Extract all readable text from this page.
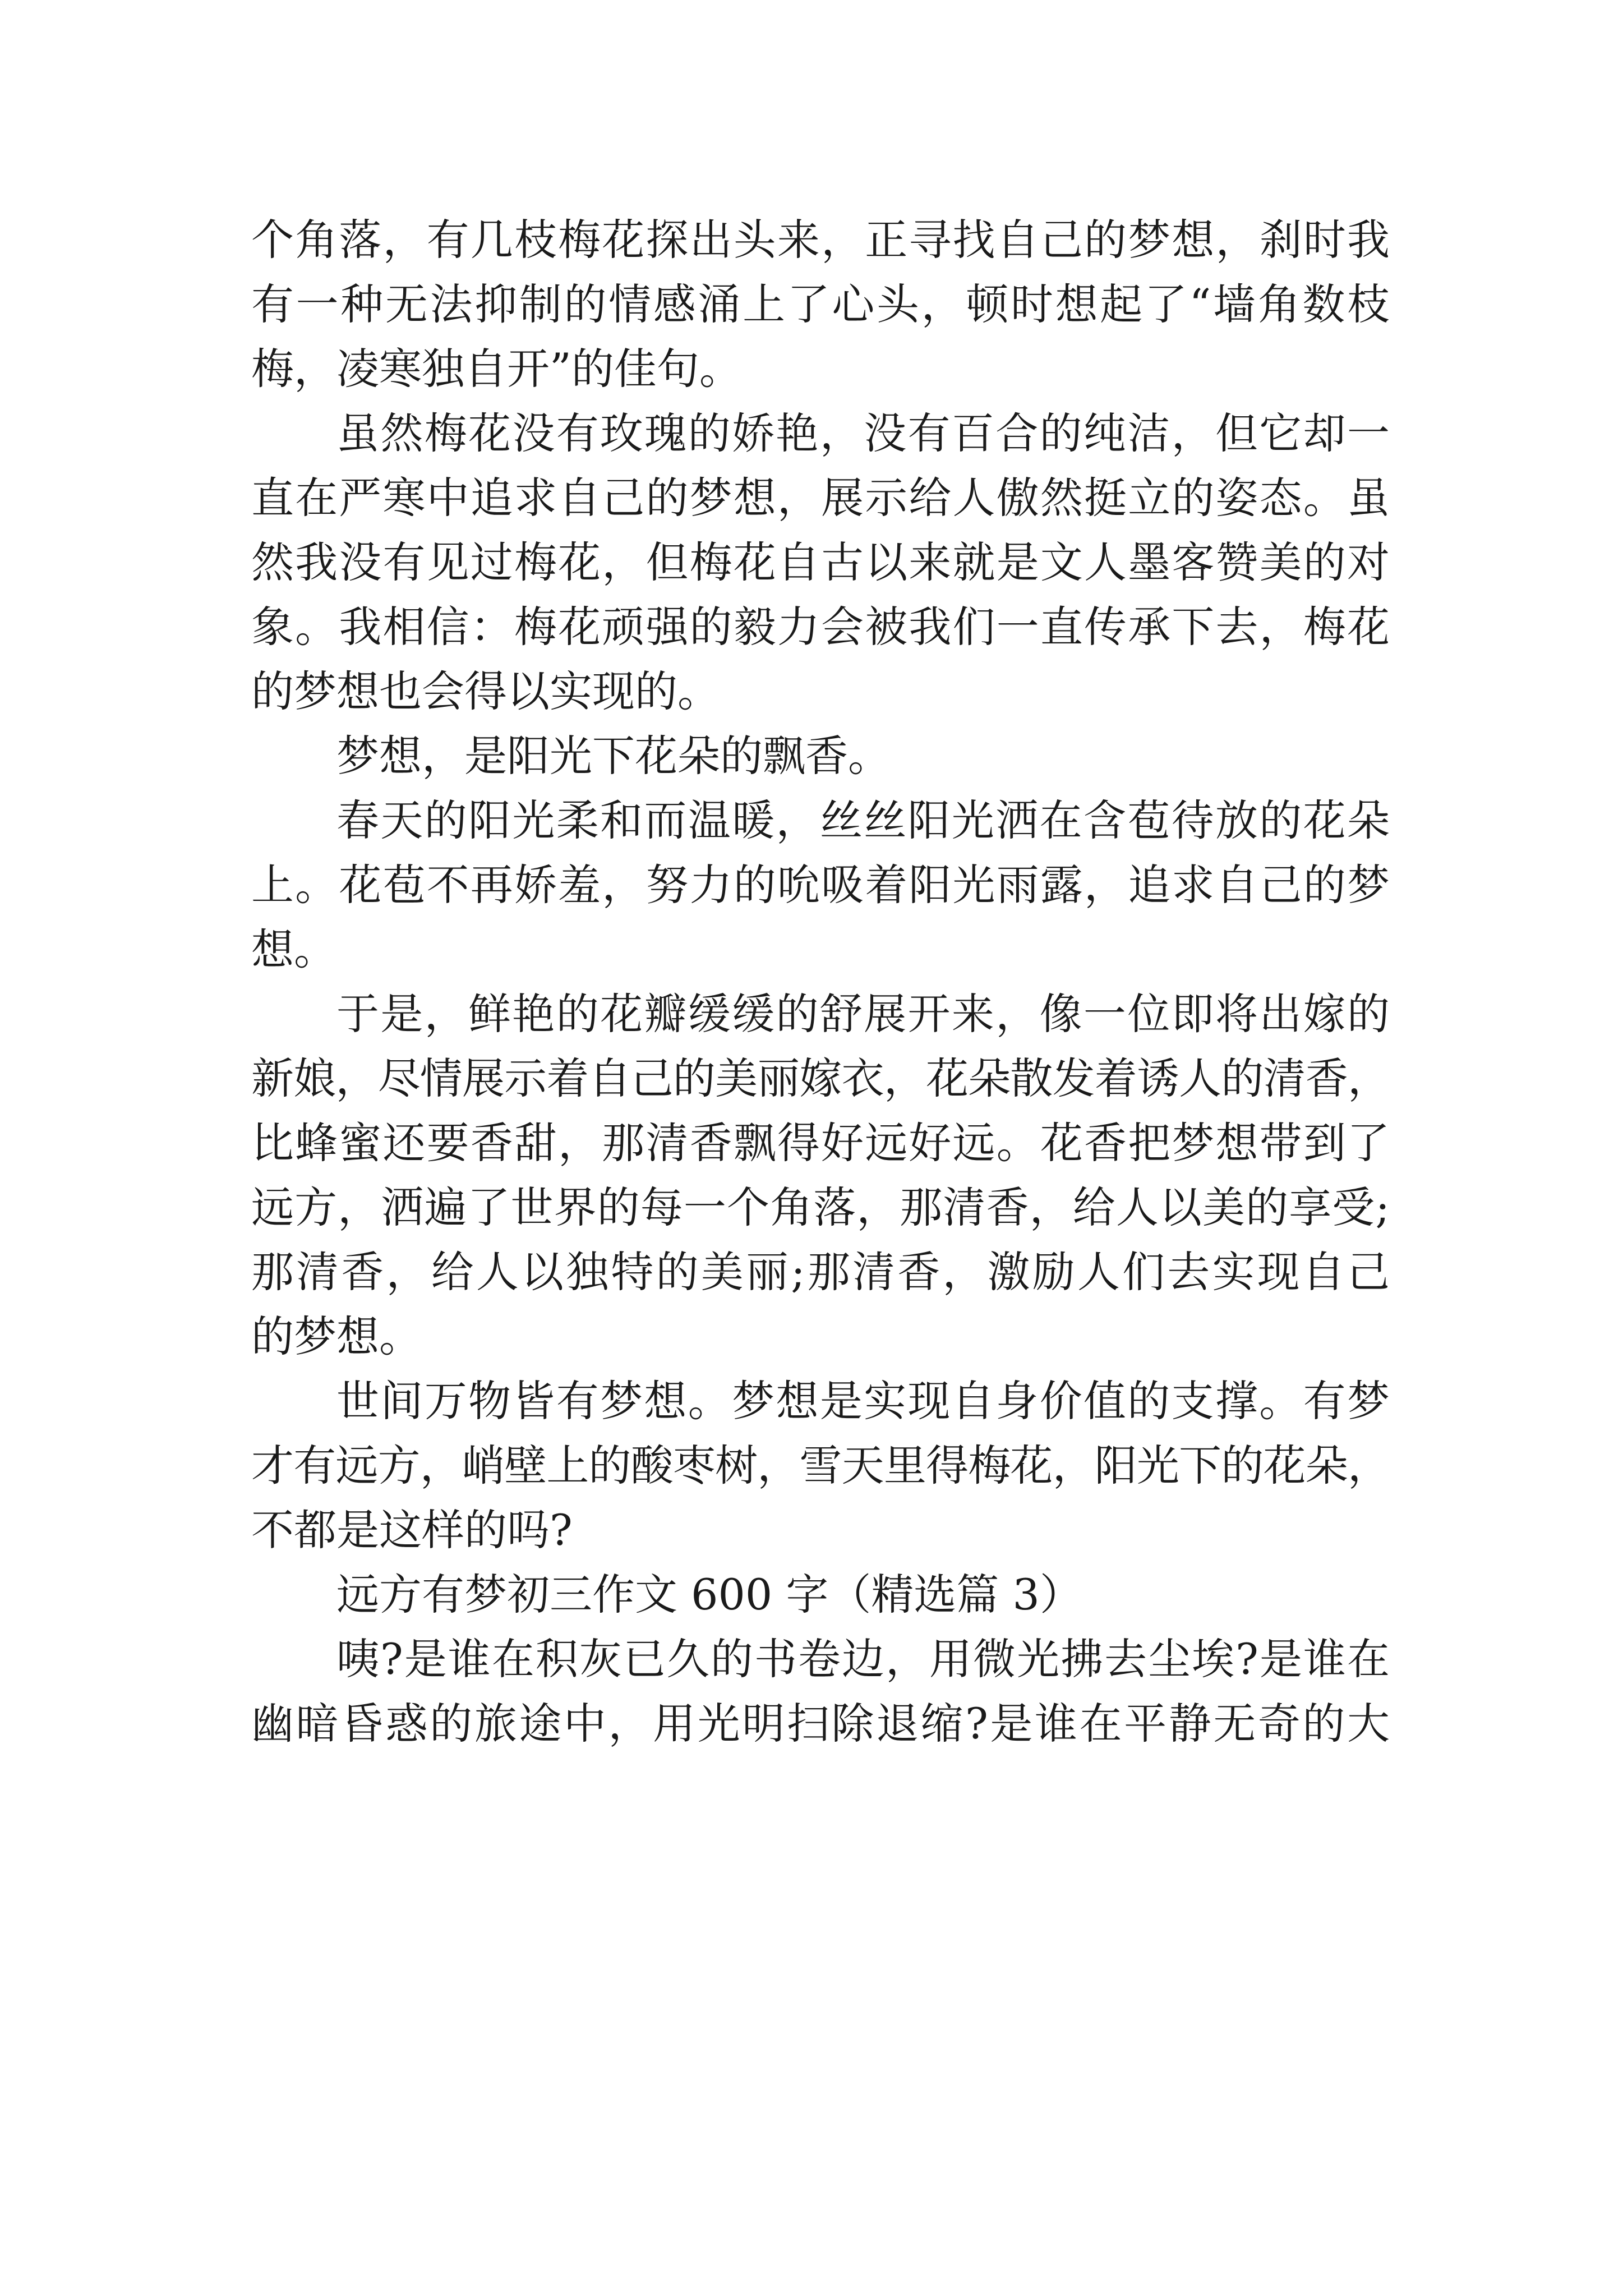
个角落，有几枝梅花探出头来，正寻找自己的梦想，刹时我
有一种无法抑制的情感涌上了心头，顿时想起了“墙角数枝
梅，凌寒独自开”的佳句。
虽然梅花没有玫瑰的娇艳，没有百合的纯洁，但它却一
直在严寒中追求自己的梦想，展示给人傲然挺立的姿态。虽
然我没有见过梅花，但梅花自古以来就是文人墨客赞美的对
象。我相信：梅花顽强的毅力会被我们一直传承下去，梅花
的梦想也会得以实现的。
梦想，是阳光下花朵的飘香。
春天的阳光柔和而温暖，丝丝阳光洒在含苞待放的花朵
上。花苞不再娇羞，努力的吮吸着阳光雨露，追求自己的梦
想。
于是，鲜艳的花瓣缓缓的舒展开来，像一位即将出嫁的
新娘，尽情展示着自己的美丽嫁衣，花朵散发着诱人的清香，
比蜂蜜还要香甜，那清香飘得好远好远。花香把梦想带到了
远方，洒遍了世界的每一个角落，那清香，给人以美的享受;
那清香，给人以独特的美丽;那清香，激励人们去实现自己
的梦想。
世间万物皆有梦想。梦想是实现自身价值的支撑。有梦
才有远方，峭壁上的酸枣树，雪天里得梅花，阳光下的花朵，
不都是这样的吗?
远方有梦初三作文 600 字（精选篇 3）
咦?是谁在积灰已久的书卷边，用微光拂去尘埃?是谁在
幽暗昏惑的旅途中，用光明扫除退缩?是谁在平静无奇的大
